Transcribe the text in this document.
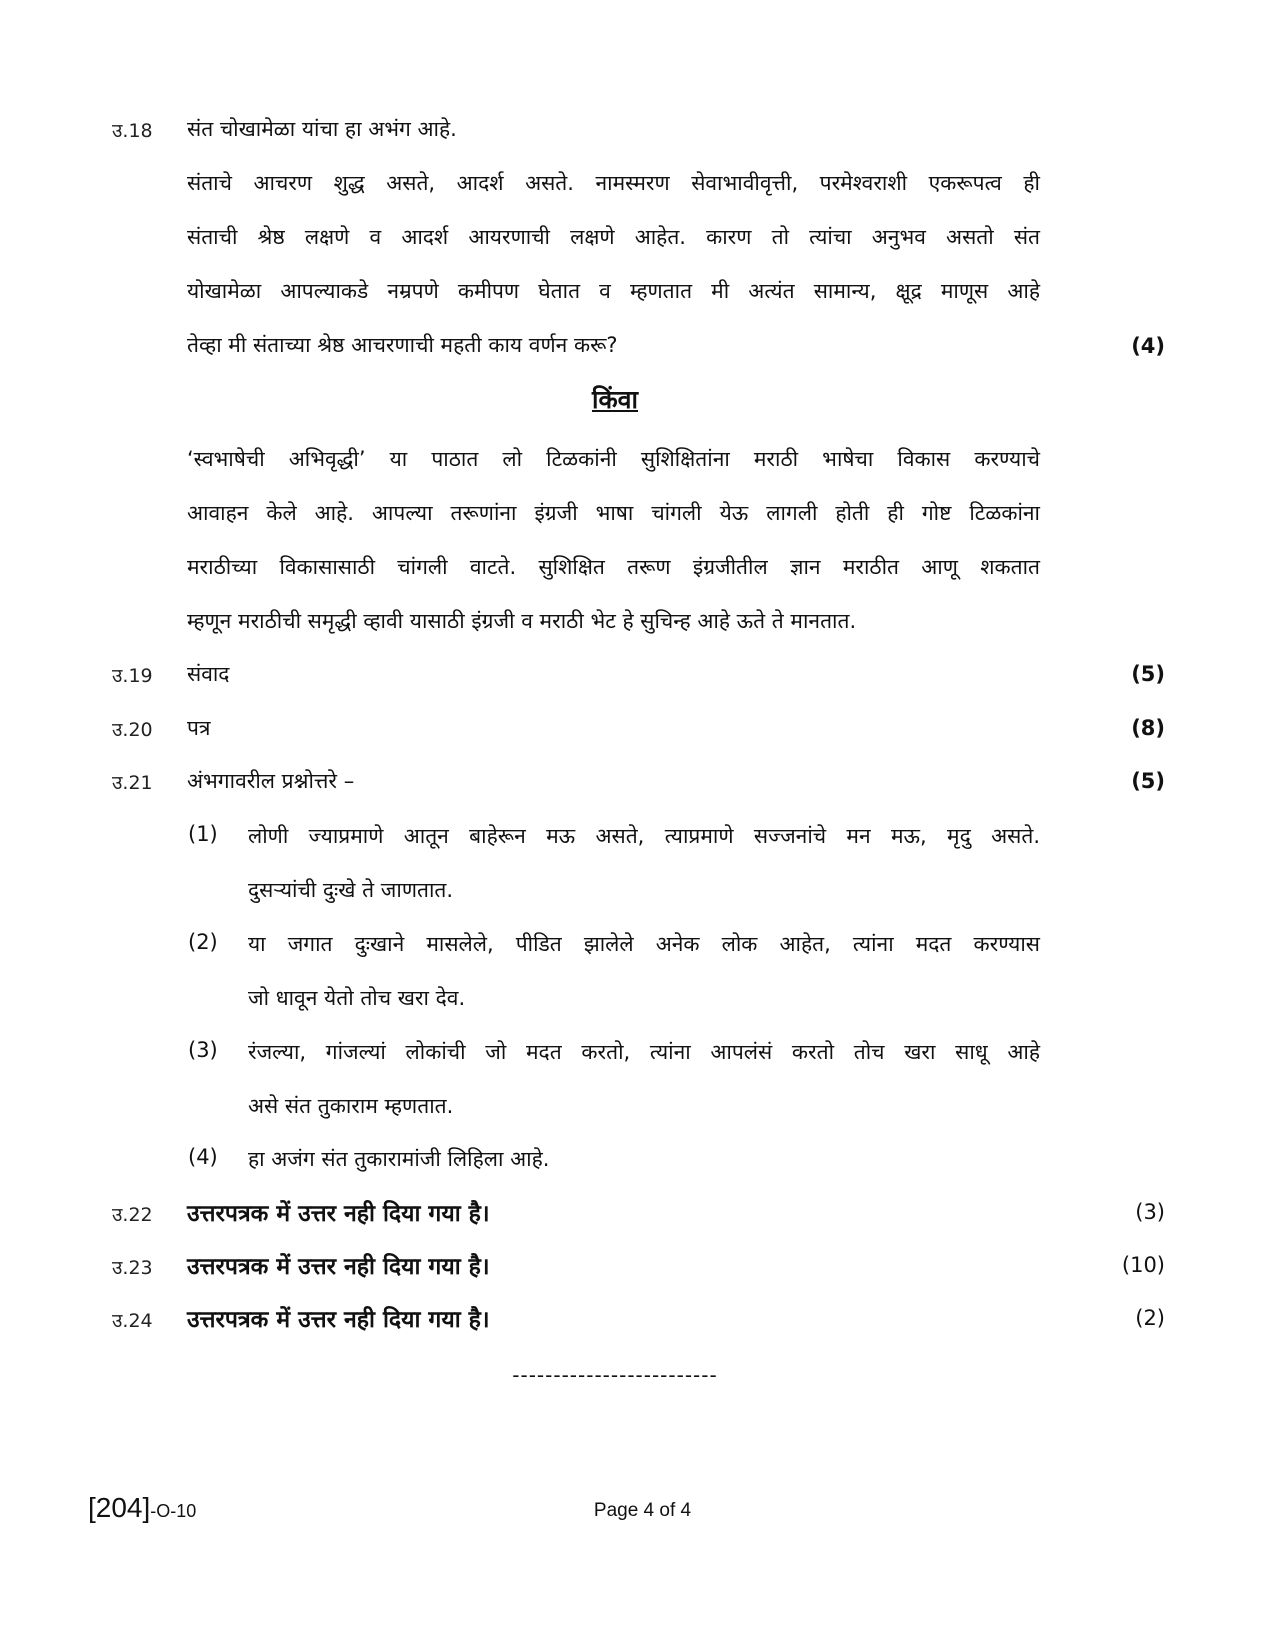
उ.18 संत चोखामेळा यांचा हा अभंग आहे.
संताचे आचरण शुद्ध असते, आदर्श असते. नामस्मरण सेवाभावीवृत्ती, परमेश्वराशी एकरूपत्व ही
संताची श्रेष्ठ लक्षणे व आदर्श आयरणाची लक्षणे आहेत. कारण तो त्यांचा अनुभव असतो संत
योखामेळा आपल्याकडे नम्रपणे कमीपण घेतात व म्हणतात मी अत्यंत सामान्य, क्षूद्र माणूस आहे
तेव्हा मी संताच्या श्रेष्ठ आचरणाची महती काय वर्णन करू?	(4)
किंवा
‘स्वभाषेची अभिवृद्धी’ या पाठात लो टिळकांनी सुशिक्षितांना मराठी भाषेचा विकास करण्याचे
आवाहन केले आहे. आपल्या तरूणांना इंग्रजी भाषा चांगली येऊ लागली होती ही गोष्ट टिळकांना
मराठीच्या विकासासाठी चांगली वाटते. सुशिक्षित तरूण इंग्रजीतील ज्ञान मराठीत आणू शकतात
म्हणून मराठीची समृद्धी व्हावी यासाठी इंग्रजी व मराठी भेट हे सुचिन्ह आहे ऊते ते मानतात.
उ.19 संवाद	(5)
उ.20 पत्र	(8)
उ.21 अंभगावरील प्रश्नोत्तरे –	(5)
(1) लोणी ज्याप्रमाणे आतून बाहेरून मऊ असते, त्याप्रमाणे सज्जनांचे मन मऊ, मृदु असते.
दुसऱ्यांची दुःखे ते जाणतात.
(2) या जगात दुःखाने मासलेले, पीडित झालेले अनेक लोक आहेत, त्यांना मदत करण्यास
जो धावून येतो तोच खरा देव.
(3) रंजल्या, गांजल्यां लोकांची जो मदत करतो, त्यांना आपलंसं करतो तोच खरा साधू आहे
असे संत तुकाराम म्हणतात.
(4) हा अजंग संत तुकारामांजी लिहिला आहे.
उ.22 उत्तरपत्रक में उत्तर नही दिया गया है।	(3)
उ.23 उत्तरपत्रक में उत्तर नही दिया गया है।	(10)
उ.24 उत्तरपत्रक में उत्तर नही दिया गया है।	(2)
-------------------------
[204]-O-10	Page 4 of 4
